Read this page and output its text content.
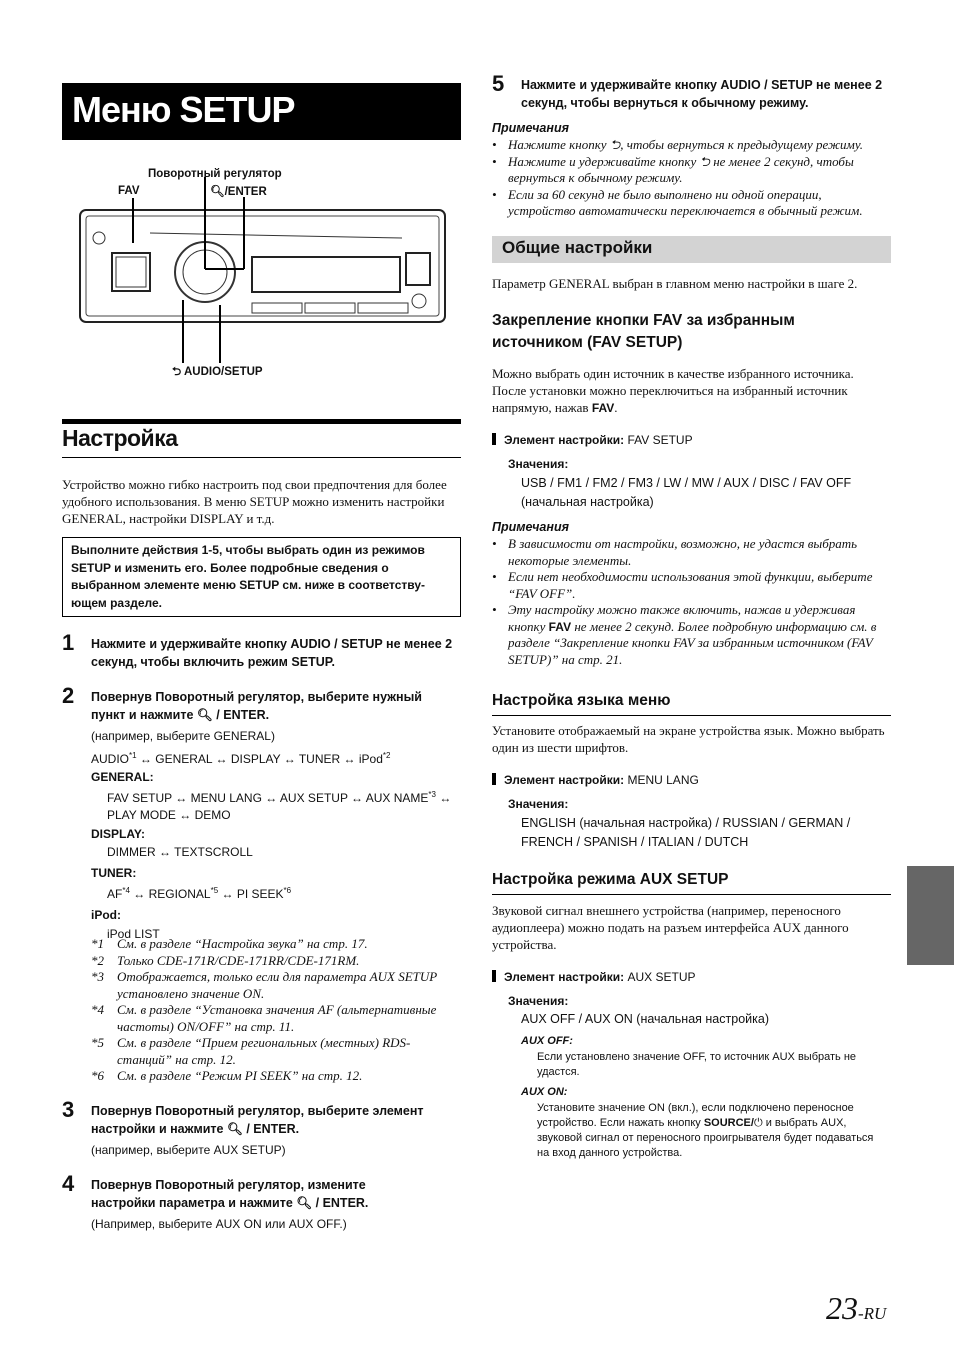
Меню SETUP
Поворотный регулятор
🔍︎/ENTER
FAV
⮌ AUDIO/SETUP
Настройка
Устройство можно гибко настроить под свои предпочтения для более удобного использования. В меню SETUP можно изменить настройки GENERAL, настройки DISPLAY и т.д.
Выполните действия 1-5, чтобы выбрать один из режимов SETUP и изменить его. Более подробные сведения о выбранном элементе меню SETUP см. ниже в соответству-ющем разделе.
1 Нажмите и удерживайте кнопку AUDIO / SETUP не менее 2 секунд, чтобы включить режим SETUP.
2 Повернув Поворотный регулятор, выберите нужный пункт и нажмите 🔍︎ / ENTER.
(например, выберите GENERAL)
AUDIO$^{*1}$ ↔ GENERAL ↔ DISPLAY ↔ TUNER ↔ iPod$^{*2}$
GENERAL:
FAV SETUP ↔ MENU LANG ↔ AUX SETUP ↔ AUX NAME$^{*3}$ ↔
PLAY MODE ↔ DEMO
DISPLAY:
DIMMER ↔ TEXTSCROLL
TUNER:
AF$^{*4}$ ↔ REGIONAL$^{*5}$ ↔ PI SEEK$^{*6}$
iPod:
iPod LIST
*1	См. в разделе “Настройка звука” на стр. 17.
*2	Только CDE-171R/CDE-171RR/CDE-171RM.
*3	Отображается, только если для параметра AUX SETUP установлено значение ON.
*4	См. в разделе “Установка значения AF (альтернативные частоты) ON/OFF” на стр. 11.
*5	См. в разделе “Прием региональных (местных) RDS-станций” на стр. 12.
*6	См. в разделе “Режим PI SEEK” на стр. 12.
3 Повернув Поворотный регулятор, выберите элемент настройки и нажмите 🔍︎ / ENTER.
(например, выберите AUX SETUP)
4 Повернув Поворотный регулятор, измените настройки параметра и нажмите 🔍︎ / ENTER.
(Например, выберите AUX ON или AUX OFF.)
5 Нажмите и удерживайте кнопку AUDIO / SETUP не менее 2 секунд, чтобы вернуться к обычному режиму.
Примечания
• Нажмите кнопку ⮌, чтобы вернуться к предыдущему режиму.
• Нажмите и удерживайте кнопку ⮌ не менее 2 секунд, чтобы вернуться к обычному режиму.
• Если за 60 секунд не было выполнено ни одной операции, устройство автоматически переключается в обычный режим.
Общие настройки
Параметр GENERAL выбран в главном меню настройки в шаге 2.
Закрепление кнопки FAV за избранным источником (FAV SETUP)
Можно выбрать один источник в качестве избранного источника. После установки можно переключиться на избранный источник напрямую, нажав FAV.
Элемент настройки: FAV SETUP
Значения:
USB / FM1 / FM2 / FM3 / LW / MW / AUX / DISC / FAV OFF (начальная настройка)
Примечания
• В зависимости от настройки, возможно, не удастся выбрать некоторые элементы.
• Если нет необходимости использования этой функции, выберите “FAV OFF”.
• Эту настройку можно также включить, нажав и удерживая кнопку FAV не менее 2 секунд. Более подробную информацию см. в разделе “Закрепление кнопки FAV за избранным источником (FAV SETUP)” на стр. 21.
Настройка языка меню
Установите отображаемый на экране устройства язык. Можно выбрать один из шести шрифтов.
Элемент настройки: MENU LANG
Значения:
ENGLISH (начальная настройка) / RUSSIAN / GERMAN / FRENCH / SPANISH / ITALIAN / DUTCH
Настройка режима AUX SETUP
Звуковой сигнал внешнего устройства (например, переносного аудиоплеера) можно подать на разъем интерфейса AUX данного устройства.
Элемент настройки: AUX SETUP
Значения:
AUX OFF / AUX ON (начальная настройка)
AUX OFF:
Если установлено значение OFF, то источник AUX выбрать не удастся.
AUX ON:
Установите значение ON (вкл.), если подключено переносное устройство. Если нажать кнопку SOURCE/⏻ и выбрать AUX, звуковой сигнал от переносного проигрывателя будет подаваться на вход данного устройства.
23-RU
